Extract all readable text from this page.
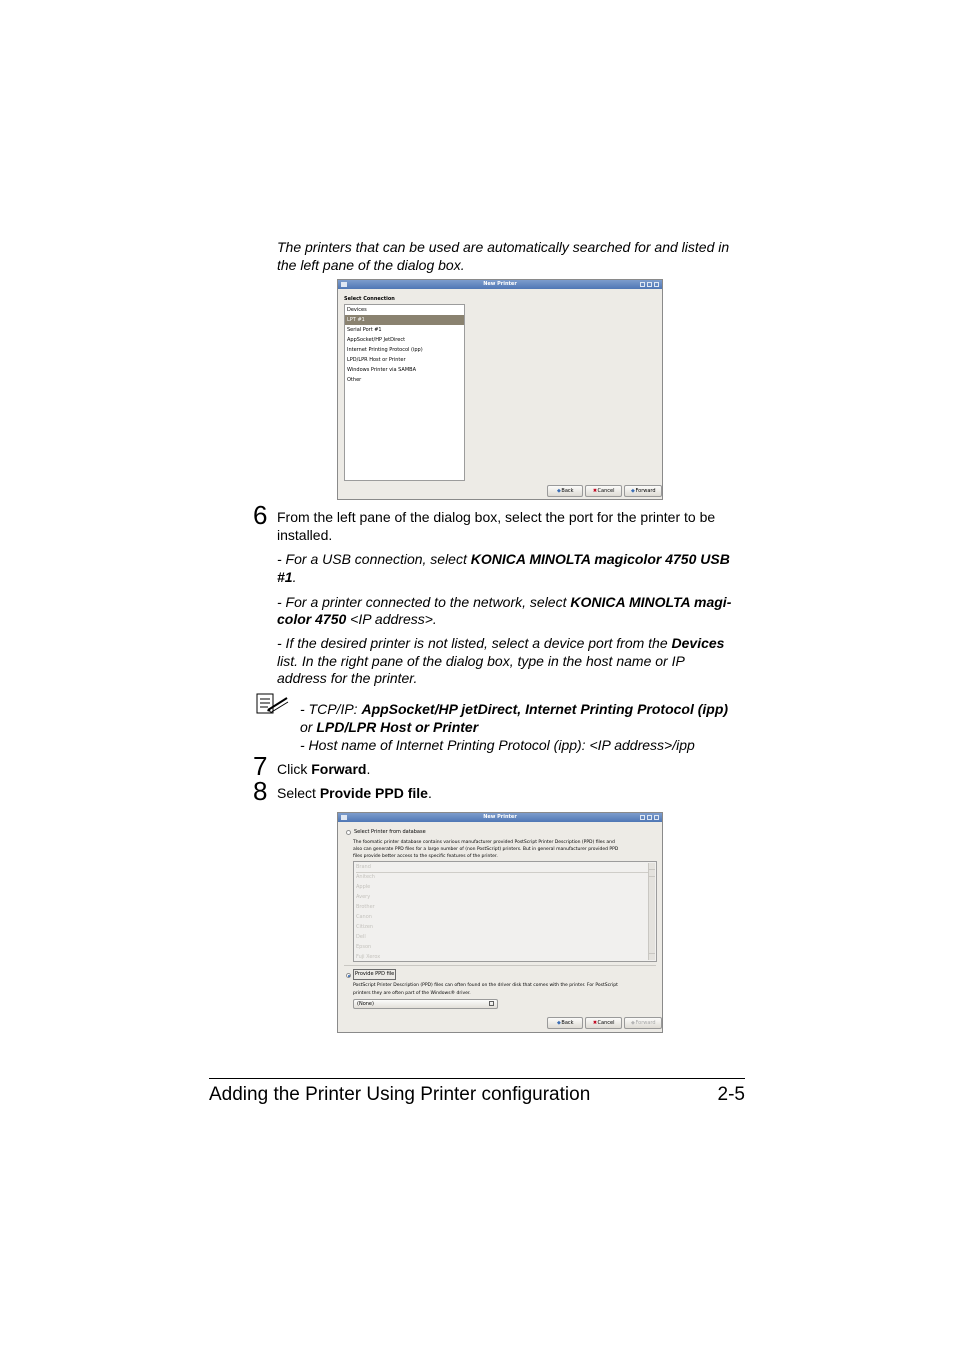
The printers that can be used are automatically searched for and listed in
the left pane of the dialog box.
New Printer
Select Connection
Devices
LPT #1
Serial Port #1
AppSocket/HP JetDirect
Internet Printing Protocol (ipp)
LPD/LPR Host or Printer
Windows Printer via SAMBA
Other
◆Back	✖Cancel	◆Forward
6 From the left pane of the dialog box, select the port for the printer to be
installed.
- For a USB connection, select KONICA MINOLTA magicolor 4750 USB
#1.
- For a printer connected to the network, select KONICA MINOLTA magi-
color 4750 <IP address>.
- If the desired printer is not listed, select a device port from the Devices
list. In the right pane of the dialog box, type in the host name or IP
address for the printer.
- TCP/IP: AppSocket/HP jetDirect, Internet Printing Protocol (ipp)
or LPD/LPR Host or Printer
- Host name of Internet Printing Protocol (ipp): <IP address>/ipp
7 Click Forward.
8 Select Provide PPD file.
New Printer
Select Printer from database
The foomatic printer database contains various manufacturer provided PostScript Printer Description (PPD) files and
also can generate PPD files for a large number of (non PostScript) printers. But in general manufacturer provided PPD
files provide better access to the specific features of the printer.
Brand
Anitech
Apple
Avery
Brother
Canon
Citizen
Dell
Epson
Fuji Xerox
Provide PPD file
PostScript Printer Description (PPD) files can often found on the driver disk that comes with the printer. For PostScript
printers they are often part of the Windows® driver.
(None)
◆Back	✖Cancel	◆Forward
Adding the Printer Using Printer configuration	2-5
